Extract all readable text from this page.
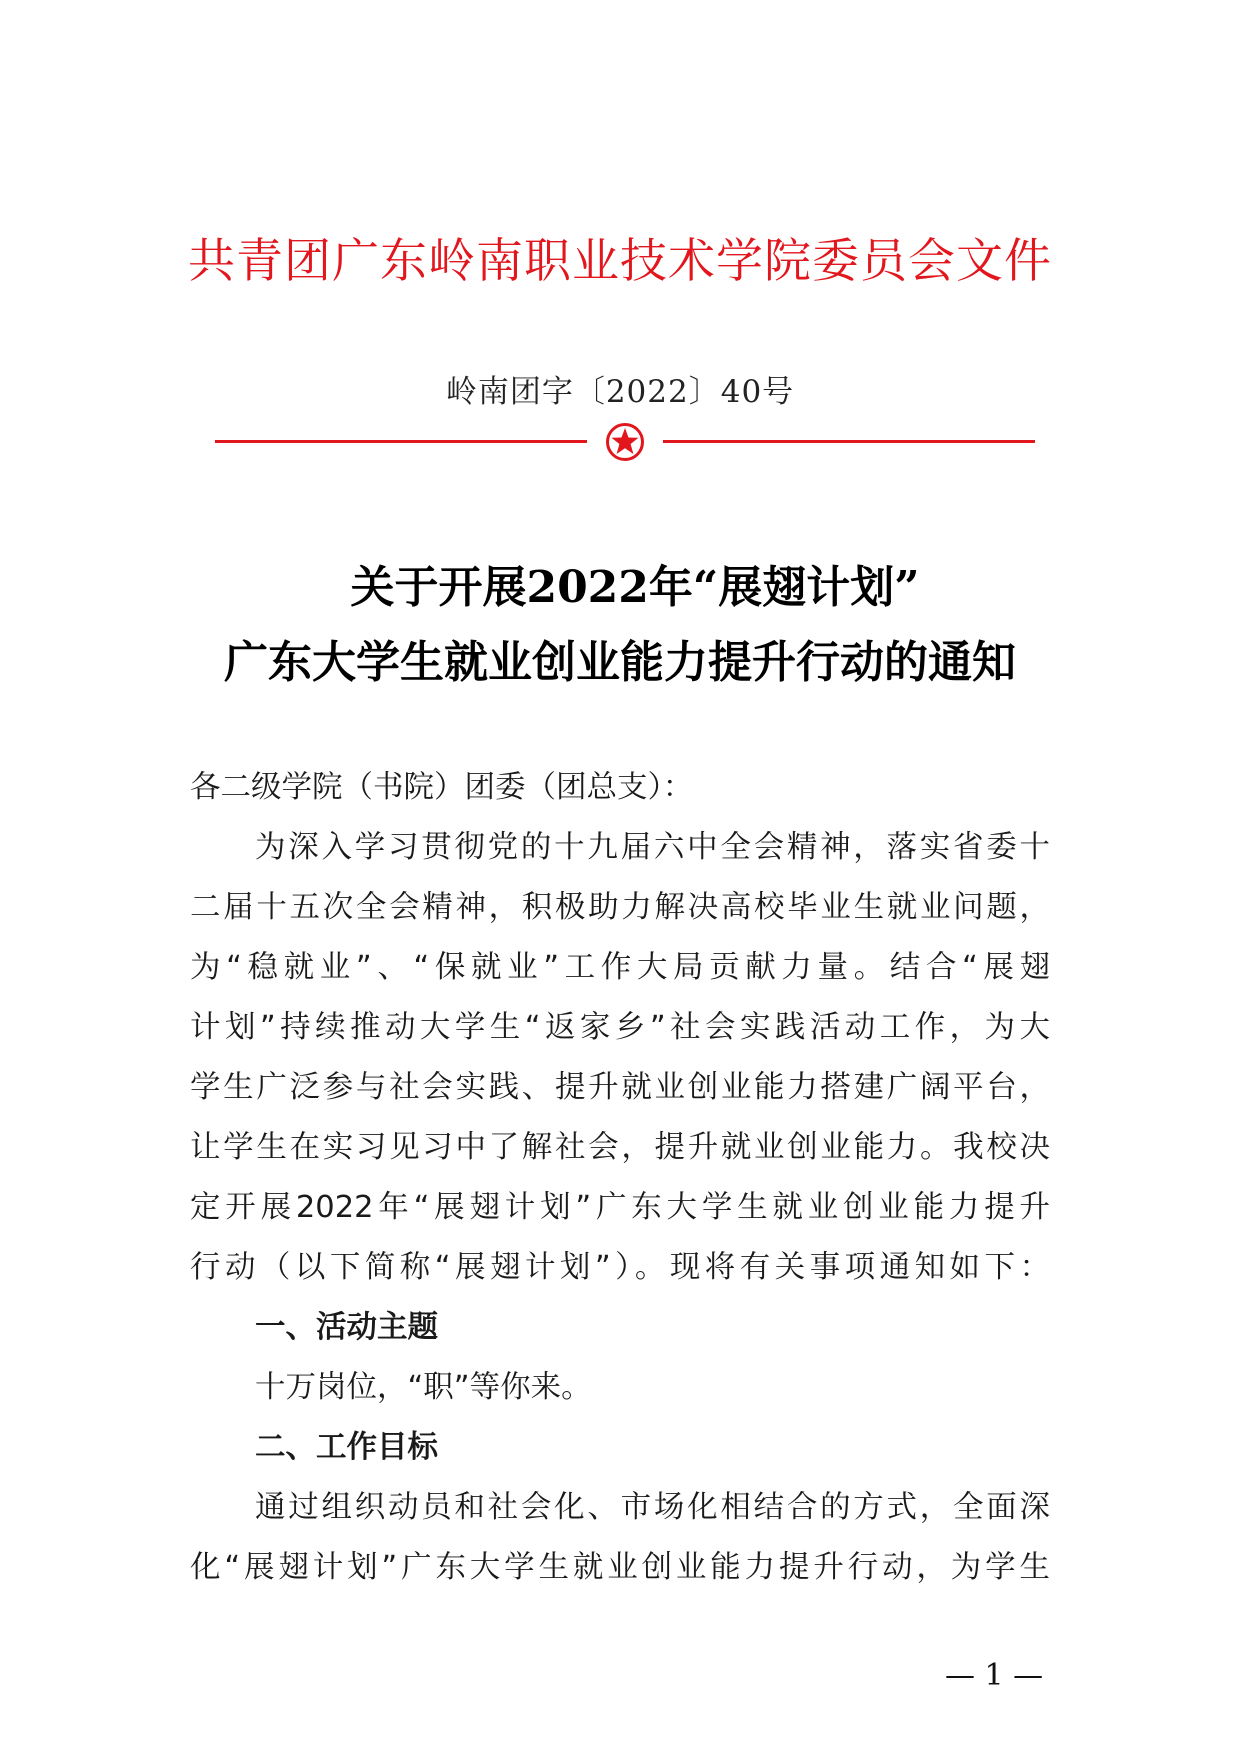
共青团广东岭南职业技术学院委员会文件
岭南团字〔2022〕40号
关于开展2022年“展翅计划”
广东大学生就业创业能力提升行动的通知
各二级学院（书院）团委（团总支）：
为深入学习贯彻党的十九届六中全会精神，落实省委十
二届十五次全会精神，积极助力解决高校毕业生就业问题，
为“稳就业”、“保就业”工作大局贡献力量。结合“展翅
计划”持续推动大学生“返家乡”社会实践活动工作，为大
学生广泛参与社会实践、提升就业创业能力搭建广阔平台，
让学生在实习见习中了解社会，提升就业创业能力。我校决
定开展2022年“展翅计划”广东大学生就业创业能力提升
行动（以下简称“展翅计划”）。现将有关事项通知如下：
一、活动主题
十万岗位，“职”等你来。
二、工作目标
通过组织动员和社会化、市场化相结合的方式，全面深
化“展翅计划”广东大学生就业创业能力提升行动，为学生
— 1 —
